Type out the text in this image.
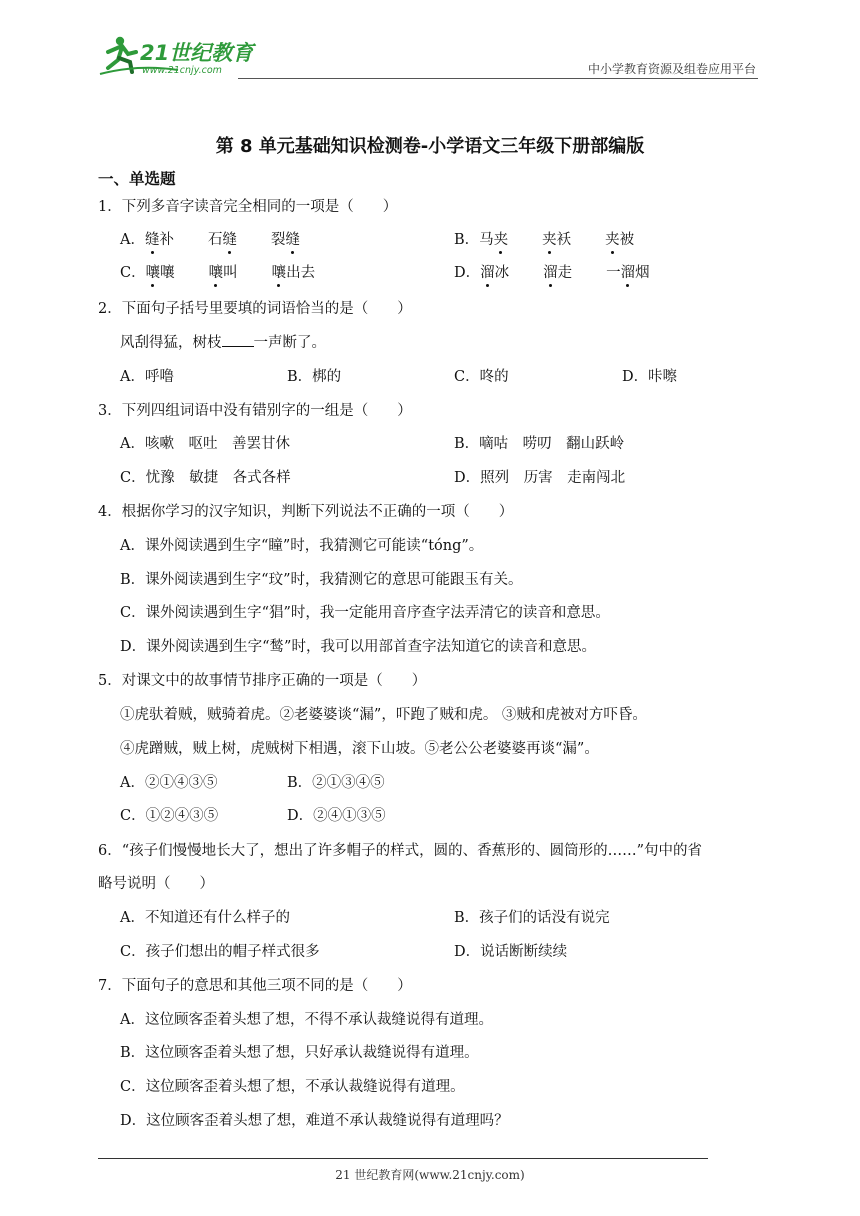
21世纪教育
www.21cnjy.com	中小学教育资源及组卷应用平台
第 8 单元基础知识检测卷-小学语文三年级下册部编版
一、单选题
1．下列多音字读音完全相同的一项是（　　）
A．缝补 石缝 裂缝	B．马夹 夹袄 夹被
C．嚷嚷 嚷叫 嚷出去	D．溜冰 溜走 一溜烟
2．下面句子括号里要填的词语恰当的是（　　）
风刮得猛，树枝 一声断了。
A．呼噜	B．梆的	C．咚的	D．咔嚓
3．下列四组词语中没有错别字的一组是（　　）
A．咳嗽　呕吐　善罢甘休	B．嘀咕　唠叨　翻山跃岭
C．忧豫　敏捷　各式各样	D．照列　历害　走南闯北
4．根据你学习的汉字知识，判断下列说法不正确的一项（　　）
A．课外阅读遇到生字“瞳”时，我猜测它可能读“tóng”。
B．课外阅读遇到生字“玟”时，我猜测它的意思可能跟玉有关。
C．课外阅读遇到生字“猖”时，我一定能用音序查字法弄清它的读音和意思。
D．课外阅读遇到生字“鹙”时，我可以用部首查字法知道它的读音和意思。
5．对课文中的故事情节排序正确的一项是（　　）
①虎驮着贼，贼骑着虎。②老婆婆谈“漏”，吓跑了贼和虎。 ③贼和虎被对方吓昏。
④虎蹭贼，贼上树，虎贼树下相遇，滚下山坡。⑤老公公老婆婆再谈“漏”。
A．②①④③⑤	B．②①③④⑤
C．①②④③⑤	D．②④①③⑤
6．“孩子们慢慢地长大了，想出了许多帽子的样式，圆的、香蕉形的、圆筒形的……”句中的省
略号说明（　　）
A．不知道还有什么样子的	B．孩子们的话没有说完
C．孩子们想出的帽子样式很多	D．说话断断续续
7．下面句子的意思和其他三项不同的是（　　）
A．这位顾客歪着头想了想，不得不承认裁缝说得有道理。
B．这位顾客歪着头想了想，只好承认裁缝说得有道理。
C．这位顾客歪着头想了想，不承认裁缝说得有道理。
D．这位顾客歪着头想了想，难道不承认裁缝说得有道理吗？
21 世纪教育网(www.21cnjy.com)
